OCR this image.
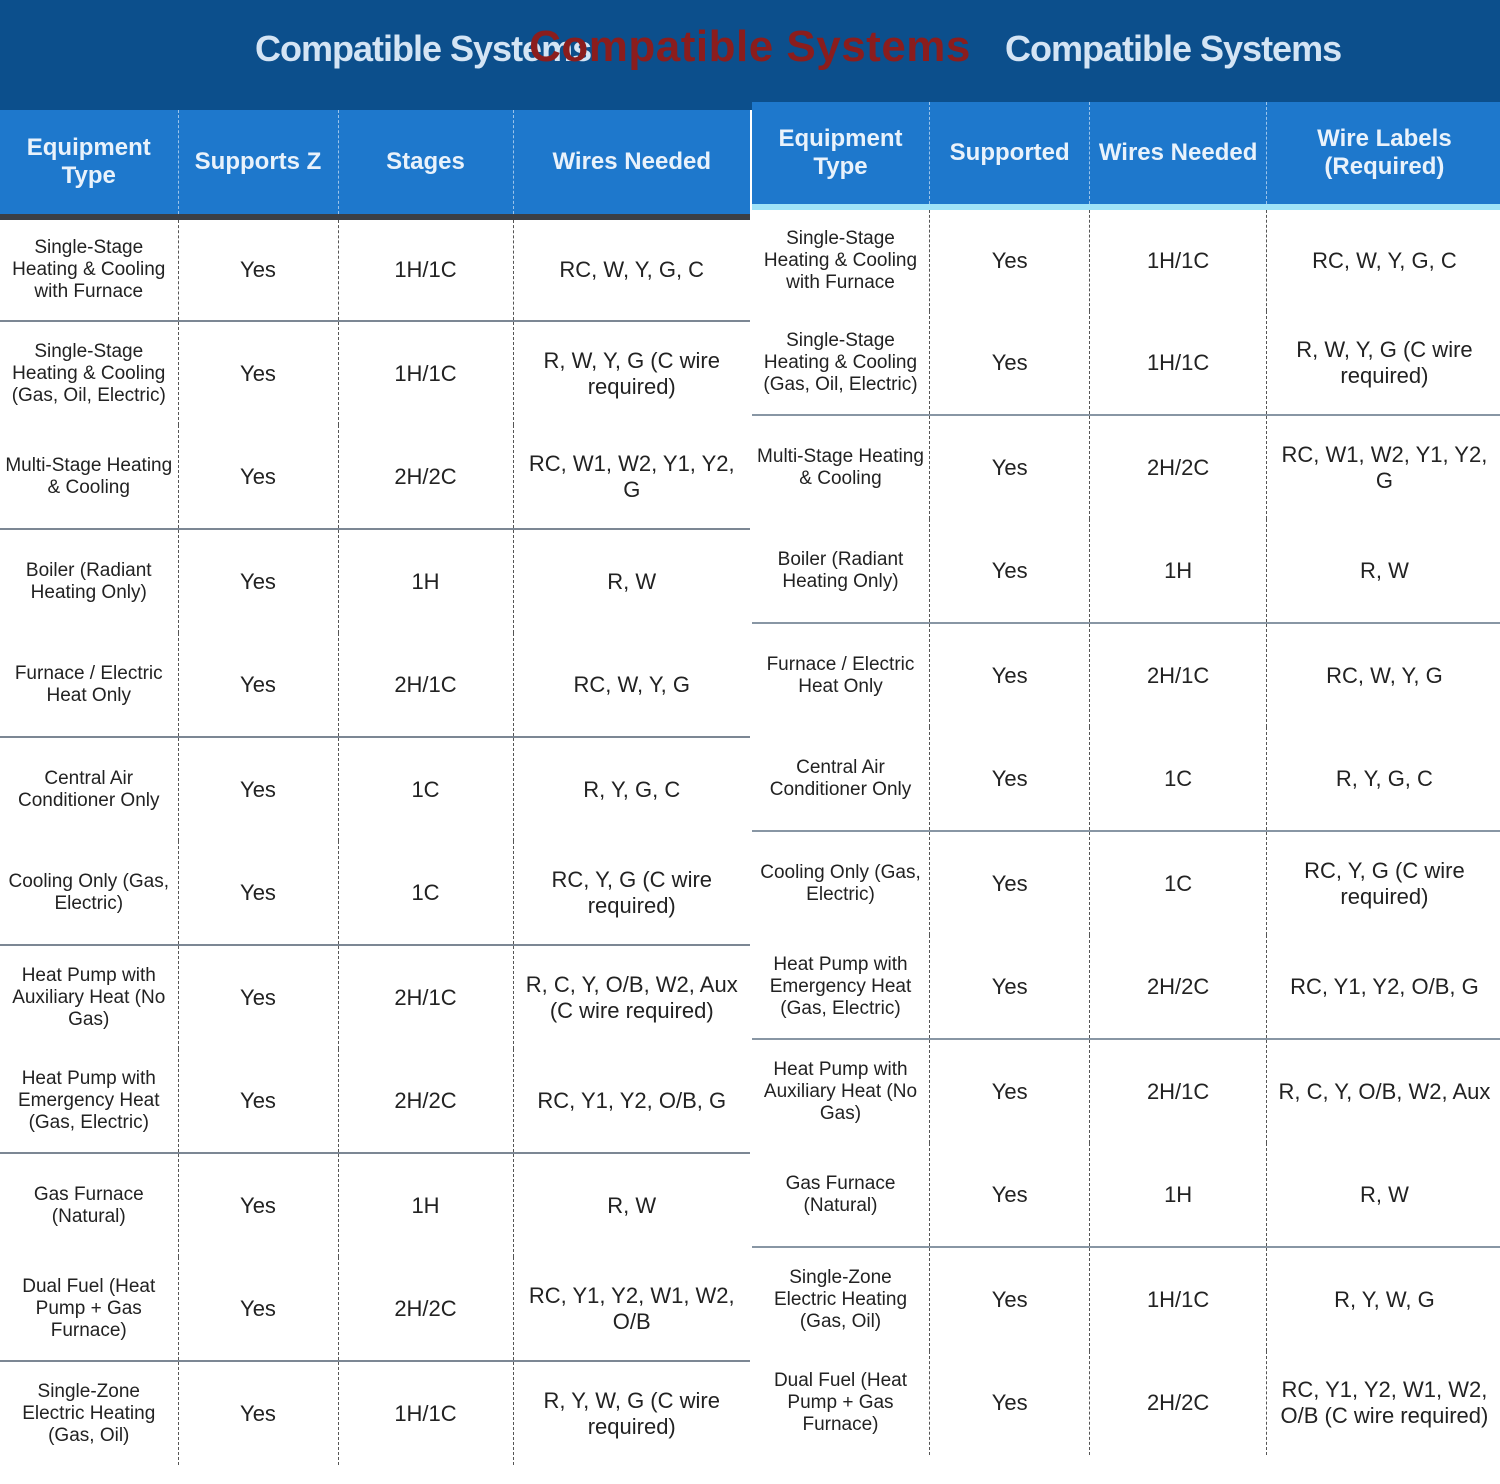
Compatible Systems	Compatible Systems
Compatible Systems
Equipment Type	Supports Z	Stages	Wires Needed
Single-Stage Heating & Cooling with Furnace	Yes	1H/1C	RC, W, Y, G, C
Single-Stage Heating & Cooling (Gas, Oil, Electric)	Yes	1H/1C	R, W, Y, G (C wire required)
Multi-Stage Heating & Cooling	Yes	2H/2C	RC, W1, W2, Y1, Y2, G
Boiler (Radiant Heating Only)	Yes	1H	R, W
Furnace / Electric Heat Only	Yes	2H/1C	RC, W, Y, G
Central Air Conditioner Only	Yes	1C	R, Y, G, C
Cooling Only (Gas, Electric)	Yes	1C	RC, Y, G (C wire required)
Heat Pump with Auxiliary Heat (No Gas)	Yes	2H/1C	R, C, Y, O/B, W2, Aux (C wire required)
Heat Pump with Emergency Heat (Gas, Electric)	Yes	2H/2C	RC, Y1, Y2, O/B, G
Gas Furnace (Natural)	Yes	1H	R, W
Dual Fuel (Heat Pump + Gas Furnace)	Yes	2H/2C	RC, Y1, Y2, W1, W2, O/B
Single-Zone Electric Heating (Gas, Oil)	Yes	1H/1C	R, Y, W, G (C wire required)
Equipment Type	Supported	Wires Needed	Wire Labels (Required)
Single-Stage Heating & Cooling with Furnace	Yes	1H/1C	RC, W, Y, G, C
Single-Stage Heating & Cooling (Gas, Oil, Electric)	Yes	1H/1C	R, W, Y, G (C wire required)
Multi-Stage Heating & Cooling	Yes	2H/2C	RC, W1, W2, Y1, Y2, G
Boiler (Radiant Heating Only)	Yes	1H	R, W
Furnace / Electric Heat Only	Yes	2H/1C	RC, W, Y, G
Central Air Conditioner Only	Yes	1C	R, Y, G, C
Cooling Only (Gas, Electric)	Yes	1C	RC, Y, G (C wire required)
Heat Pump with Emergency Heat (Gas, Electric)	Yes	2H/2C	RC, Y1, Y2, O/B, G
Heat Pump with Auxiliary Heat (No Gas)	Yes	2H/1C	R, C, Y, O/B, W2, Aux
Gas Furnace (Natural)	Yes	1H	R, W
Single-Zone Electric Heating (Gas, Oil)	Yes	1H/1C	R, Y, W, G
Dual Fuel (Heat Pump + Gas Furnace)	Yes	2H/2C	RC, Y1, Y2, W1, W2, O/B (C wire required)
